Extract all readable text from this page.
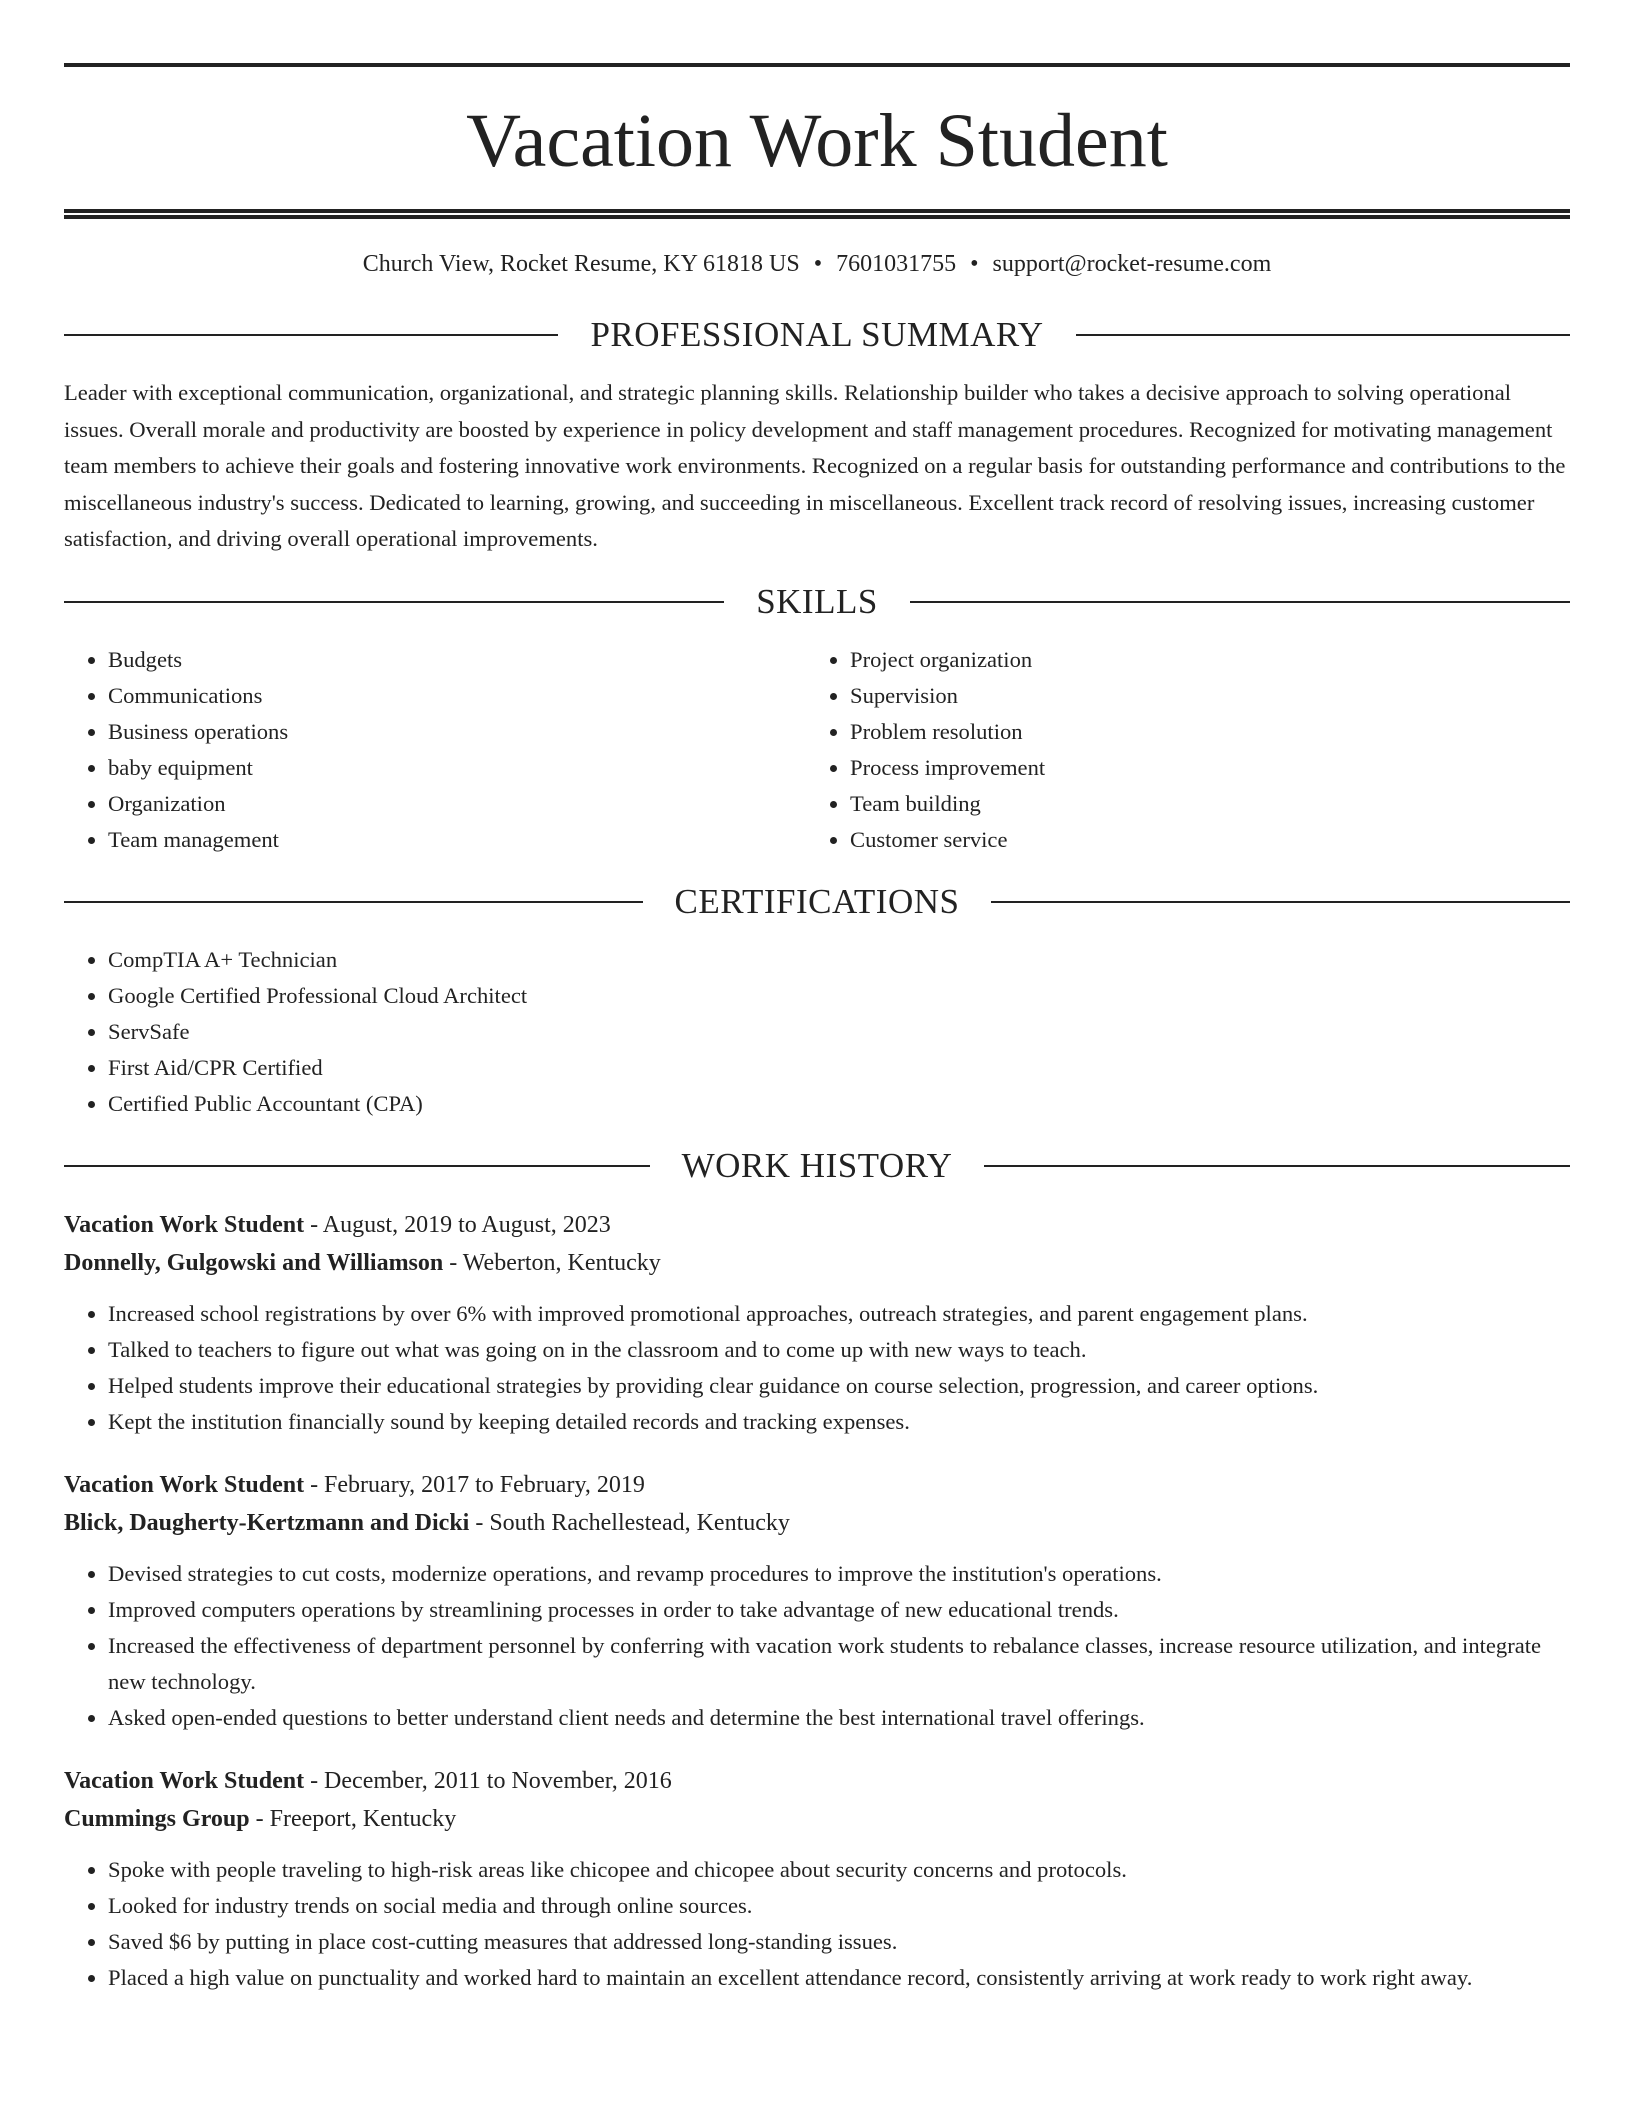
Vacation Work Student
Church View, Rocket Resume, KY 61818 US • 7601031755 • support@rocket-resume.com
PROFESSIONAL SUMMARY

Leader with exceptional communication, organizational, and strategic planning skills. Relationship builder who takes a decisive approach to solving operational issues. Overall morale and productivity are boosted by experience in policy development and staff management procedures. Recognized for motivating management team members to achieve their goals and fostering innovative work environments. Recognized on a regular basis for outstanding performance and contributions to the miscellaneous industry's success. Dedicated to learning, growing, and succeeding in miscellaneous. Excellent track record of resolving issues, increasing customer satisfaction, and driving overall operational improvements.

SKILLS
• Budgets
• Communications
• Business operations
• baby equipment
• Organization
• Team management
• Project organization
• Supervision
• Problem resolution
• Process improvement
• Team building
• Customer service
CERTIFICATIONS
• CompTIA A+ Technician
• Google Certified Professional Cloud Architect
• ServSafe
• First Aid/CPR Certified
• Certified Public Accountant (CPA)
WORK HISTORY
Vacation Work Student - August, 2019 to August, 2023
Donnelly, Gulgowski and Williamson - Weberton, Kentucky
• Increased school registrations by over 6% with improved promotional approaches, outreach strategies, and parent engagement plans.
• Talked to teachers to figure out what was going on in the classroom and to come up with new ways to teach.
• Helped students improve their educational strategies by providing clear guidance on course selection, progression, and career options.
• Kept the institution financially sound by keeping detailed records and tracking expenses.
Vacation Work Student - February, 2017 to February, 2019
Blick, Daugherty-Kertzmann and Dicki - South Rachellestead, Kentucky
• Devised strategies to cut costs, modernize operations, and revamp procedures to improve the institution's operations.
• Improved computers operations by streamlining processes in order to take advantage of new educational trends.
• Increased the effectiveness of department personnel by conferring with vacation work students to rebalance classes, increase resource utilization, and integrate new technology.
• Asked open-ended questions to better understand client needs and determine the best international travel offerings.
Vacation Work Student - December, 2011 to November, 2016
Cummings Group - Freeport, Kentucky
• Spoke with people traveling to high-risk areas like chicopee and chicopee about security concerns and protocols.
• Looked for industry trends on social media and through online sources.
• Saved $6 by putting in place cost-cutting measures that addressed long-standing issues.
• Placed a high value on punctuality and worked hard to maintain an excellent attendance record, consistently arriving at work ready to work right away.
